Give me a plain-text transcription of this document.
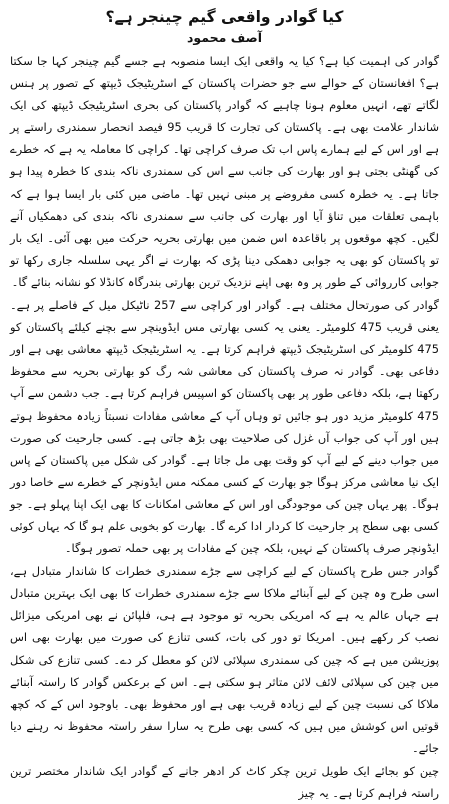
کیا گوادر واقعی گیم چینجر ہے؟
آصف محمود

گوادر کی اہمیت کیا ہے؟ کیا یہ واقعی ایک ایسا منصوبہ ہے جسے گیم چینجر کہا جا سکتا ہے؟ افغانستان کے حوالے سے جو حضرات پاکستان کے اسٹریٹیجک ڈیپتھ کے تصور پر ہنس لگاتے تھے، انہیں معلوم ہونا چاہیے کہ گوادر پاکستان کی بحری اسٹریٹیجک ڈیپتھ کی ایک شاندار علامت بھی ہے۔ پاکستان کی تجارت کا قریب 95 فیصد انحصار سمندری راستے پر ہے اور اس کے لیے ہمارے پاس اب تک صرف کراچی تھا۔ کراچی کا معاملہ یہ ہے کہ خطرے کی گھنٹی بجتی ہو اور بھارت کی جانب سے اس کی سمندری ناکہ بندی کا خطرہ پیدا ہو جاتا ہے۔ یہ خطرہ کسی مفروضے پر مبنی نہیں تھا۔ ماضی میں کئی بار ایسا ہوا ہے کہ باہمی تعلقات میں تناؤ آیا اور بھارت کی جانب سے سمندری ناکہ بندی کی دھمکیاں آنے لگیں۔ کچھ موقعوں پر باقاعدہ اس ضمن میں بھارتی بحریہ حرکت میں بھی آئی۔ ایک بار تو پاکستان کو بھی یہ جوابی دھمکی دینا پڑی کہ بھارت نے اگر یہی سلسلہ جاری رکھا تو جوابی کارروائی کے طور پر وہ بھی اپنے نزدیک ترین بھارتی بندرگاہ کانڈلا کو نشانہ بنائے گا۔

گوادر کی صورتحال مختلف ہے۔ گوادر اور کراچی سے 257 ناٹیکل میل کے فاصلے پر ہے۔ یعنی قریب 475 کلومیٹر۔ یعنی یہ کسی بھارتی مس ایڈوینچر سے بچنے کیلئے پاکستان کو 475 کلومیٹر کی اسٹریٹیجک ڈیپتھ فراہم کرتا ہے۔ یہ اسٹریٹیجک ڈیپتھ معاشی بھی ہے اور دفاعی بھی۔ گوادر نہ صرف پاکستان کی معاشی شہ رگ کو بھارتی بحریہ سے محفوظ رکھتا ہے، بلکہ دفاعی طور پر بھی پاکستان کو اسپیس فراہم کرتا ہے۔ جب دشمن سے آپ 475 کلومیٹر مزید دور ہو جائیں تو وہاں آپ کے معاشی مفادات نسبتاً زیادہ محفوظ ہوتے ہیں اور آپ کی جواب آں غزل کی صلاحیت بھی بڑھ جاتی ہے۔ کسی جارحیت کی صورت میں جواب دینے کے لیے آپ کو وقت بھی مل جاتا ہے۔ گوادر کی شکل میں پاکستان کے پاس ایک نیا معاشی مرکز ہوگا جو بھارت کے کسی ممکنہ مس ایڈونچر کے خطرے سے خاصا دور ہوگا۔ پھر یہاں چین کی موجودگی اور اس کے معاشی امکانات کا بھی ایک اپنا پہلو ہے۔ جو کسی بھی سطح پر جارحیت کا کردار ادا کرے گا۔ بھارت کو بخوبی علم ہو گا کہ یہاں کوئی ایڈونچر صرف پاکستان کے نہیں، بلکہ چین کے مفادات پر بھی حملہ تصور ہوگا۔

گوادر جس طرح پاکستان کے لیے کراچی سے جڑے سمندری خطرات کا شاندار متبادل ہے، اسی طرح وہ چین کے لیے آبنائے ملاکا سے جڑے سمندری خطرات کا بھی ایک بہترین متبادل ہے جہاں عالم یہ ہے کہ امریکی بحریہ تو موجود ہے ہی، فلپائن نے بھی امریکی میزائل نصب کر رکھے ہیں۔ امریکا تو دور کی بات، کسی تنازع کی صورت میں بھارت بھی اس پوزیشن میں ہے کہ چین کی سمندری سپلائی لائن کو معطل کر دے۔ کسی تنازع کی شکل میں چین کی سپلائی لائف لائن متاثر ہو سکتی ہے۔ اس کے برعکس گوادر کا راستہ آبنائے ملاکا کی نسبت چین کے لیے زیادہ قریب بھی ہے اور محفوظ بھی۔ باوجود اس کے کہ کچھ قوتیں اس کوشش میں ہیں کہ کسی بھی طرح یہ سارا سفر راستہ محفوظ نہ رہنے دیا جائے۔

چین کو بجائے ایک طویل ترین چکر کاٹ کر ادھر جانے کے گوادر ایک شاندار مختصر ترین راستہ فراہم کرتا ہے۔ یہ چیز
